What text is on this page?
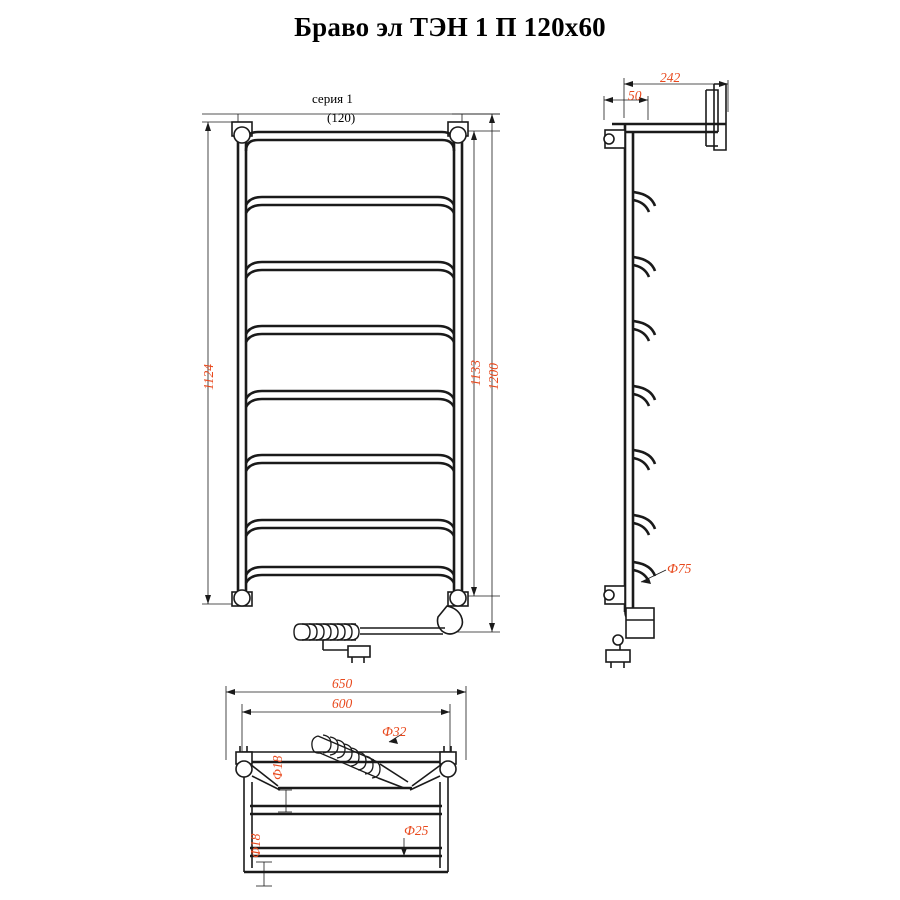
Браво эл ТЭН 1 П 120х60
серия 1
(120)
1124	1133 1200
242
50
Ф75
650
600
Ф32
Ф18
Ф25
Ф18
